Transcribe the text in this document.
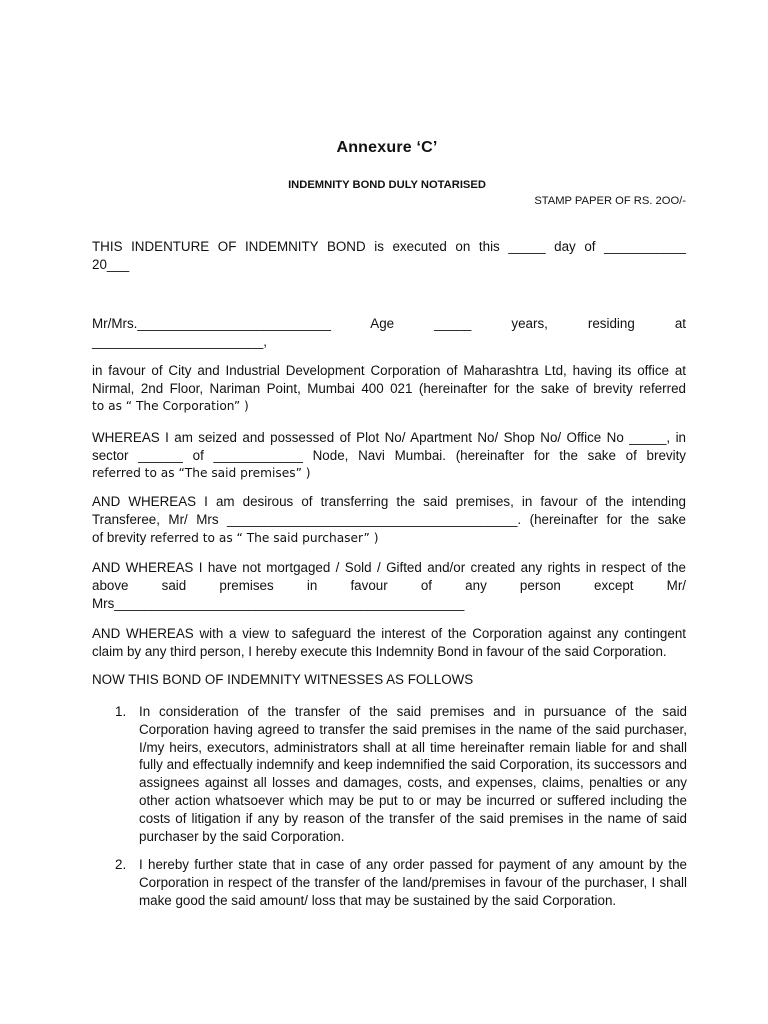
Annexure ‘C’
INDEMNITY BOND DULY NOTARISED
STAMP PAPER OF RS. 2OO/-
THIS INDENTURE OF INDEMNITY BOND is executed on this _____ day of ___________
20___
Mr/Mrs.__________________________ Age _____ years, residing at
_______________________,
in favour of City and Industrial Development Corporation of Maharashtra Ltd, having its office at Nirmal, 2nd Floor, Nariman Point, Mumbai 400 021 (hereinafter for the sake of brevity referred
to as “ The Corporation” )
WHEREAS I am seized and possessed of Plot No/ Apartment No/ Shop No/ Office No _____, in sector ______ of ____________ Node, Navi Mumbai. (hereinafter for the sake of brevity
referred to as “The said premises” )
AND WHEREAS I am desirous of transferring the said premises, in favour of the intending Transferee, Mr/ Mrs _______________________________________. (hereinafter for the sake
of brevity referred to as “ The said purchaser” )
AND WHEREAS I have not mortgaged / Sold / Gifted and/or created any rights in respect of the
above said premises in favour of any person except Mr/
Mrs_______________________________________________
AND WHEREAS with a view to safeguard the interest of the Corporation against any contingent claim by any third person, I hereby execute this Indemnity Bond in favour of the said Corporation.
NOW THIS BOND OF INDEMNITY WITNESSES AS FOLLOWS
1. In consideration of the transfer of the said premises and in pursuance of the said Corporation having agreed to transfer the said premises in the name of the said purchaser, I/my heirs, executors, administrators shall at all time hereinafter remain liable for and shall fully and effectually indemnify and keep indemnified the said Corporation, its successors and assignees against all losses and damages, costs, and expenses, claims, penalties or any other action whatsoever which may be put to or may be incurred or suffered including the costs of litigation if any by reason of the transfer of the said premises in the name of said purchaser by the said Corporation.
2. I hereby further state that in case of any order passed for payment of any amount by the Corporation in respect of the transfer of the land/premises in favour of the purchaser, I shall make good the said amount/ loss that may be sustained by the said Corporation.
